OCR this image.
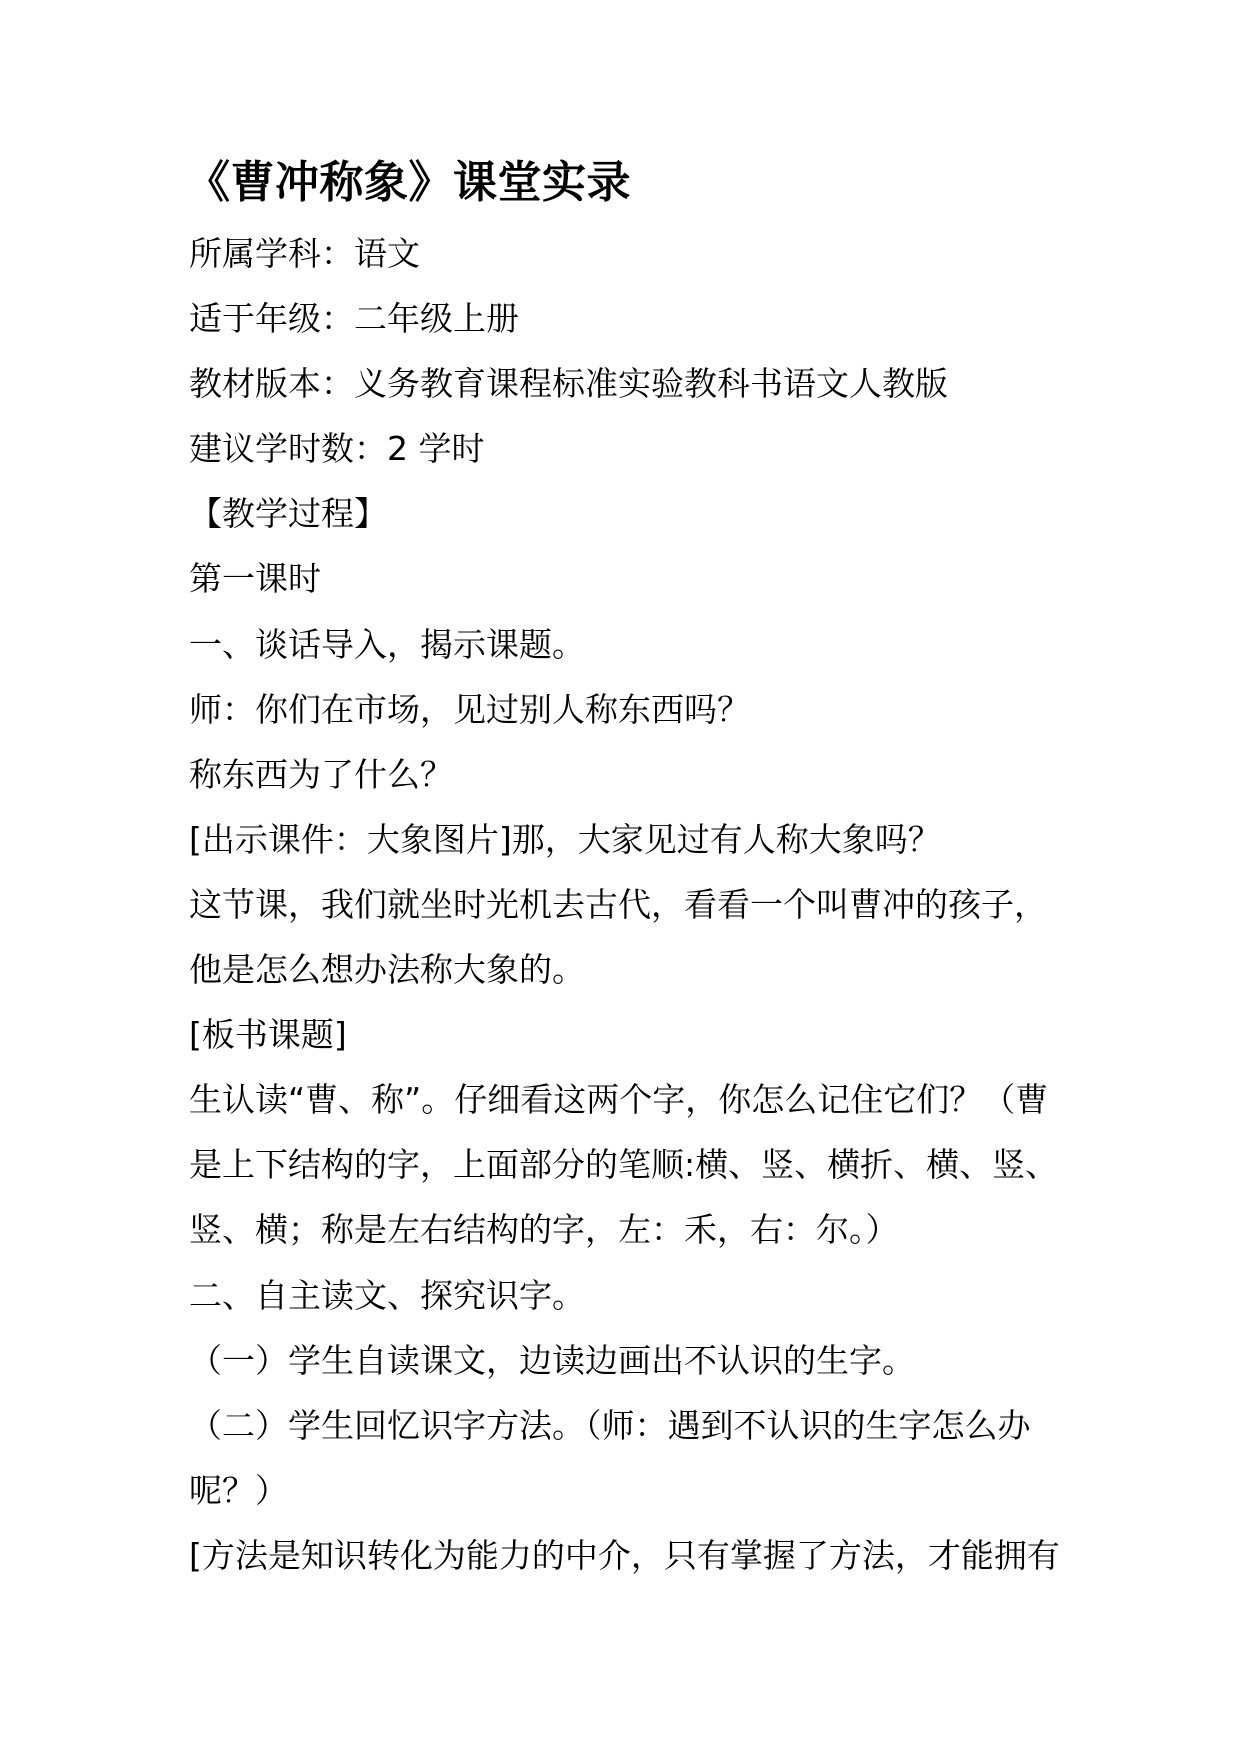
《曹冲称象》课堂实录
所属学科：语文
适于年级：二年级上册
教材版本：义务教育课程标准实验教科书语文人教版
建议学时数：2 学时
【教学过程】
第一课时
一、谈话导入，揭示课题。
师：你们在市场，见过别人称东西吗？
称东西为了什么？
[出示课件：大象图片]那，大家见过有人称大象吗？
这节课，我们就坐时光机去古代，看看一个叫曹冲的孩子，
他是怎么想办法称大象的。
[板书课题]
生认读“曹、称”。仔细看这两个字，你怎么记住它们？（曹
是上下结构的字，上面部分的笔顺:横、竖、横折、横、竖、
竖、横；称是左右结构的字，左：禾，右：尔。）
二、自主读文、探究识字。
（一）学生自读课文，边读边画出不认识的生字。
（二）学生回忆识字方法。（师：遇到不认识的生字怎么办
呢？）
[方法是知识转化为能力的中介，只有掌握了方法，才能拥有
